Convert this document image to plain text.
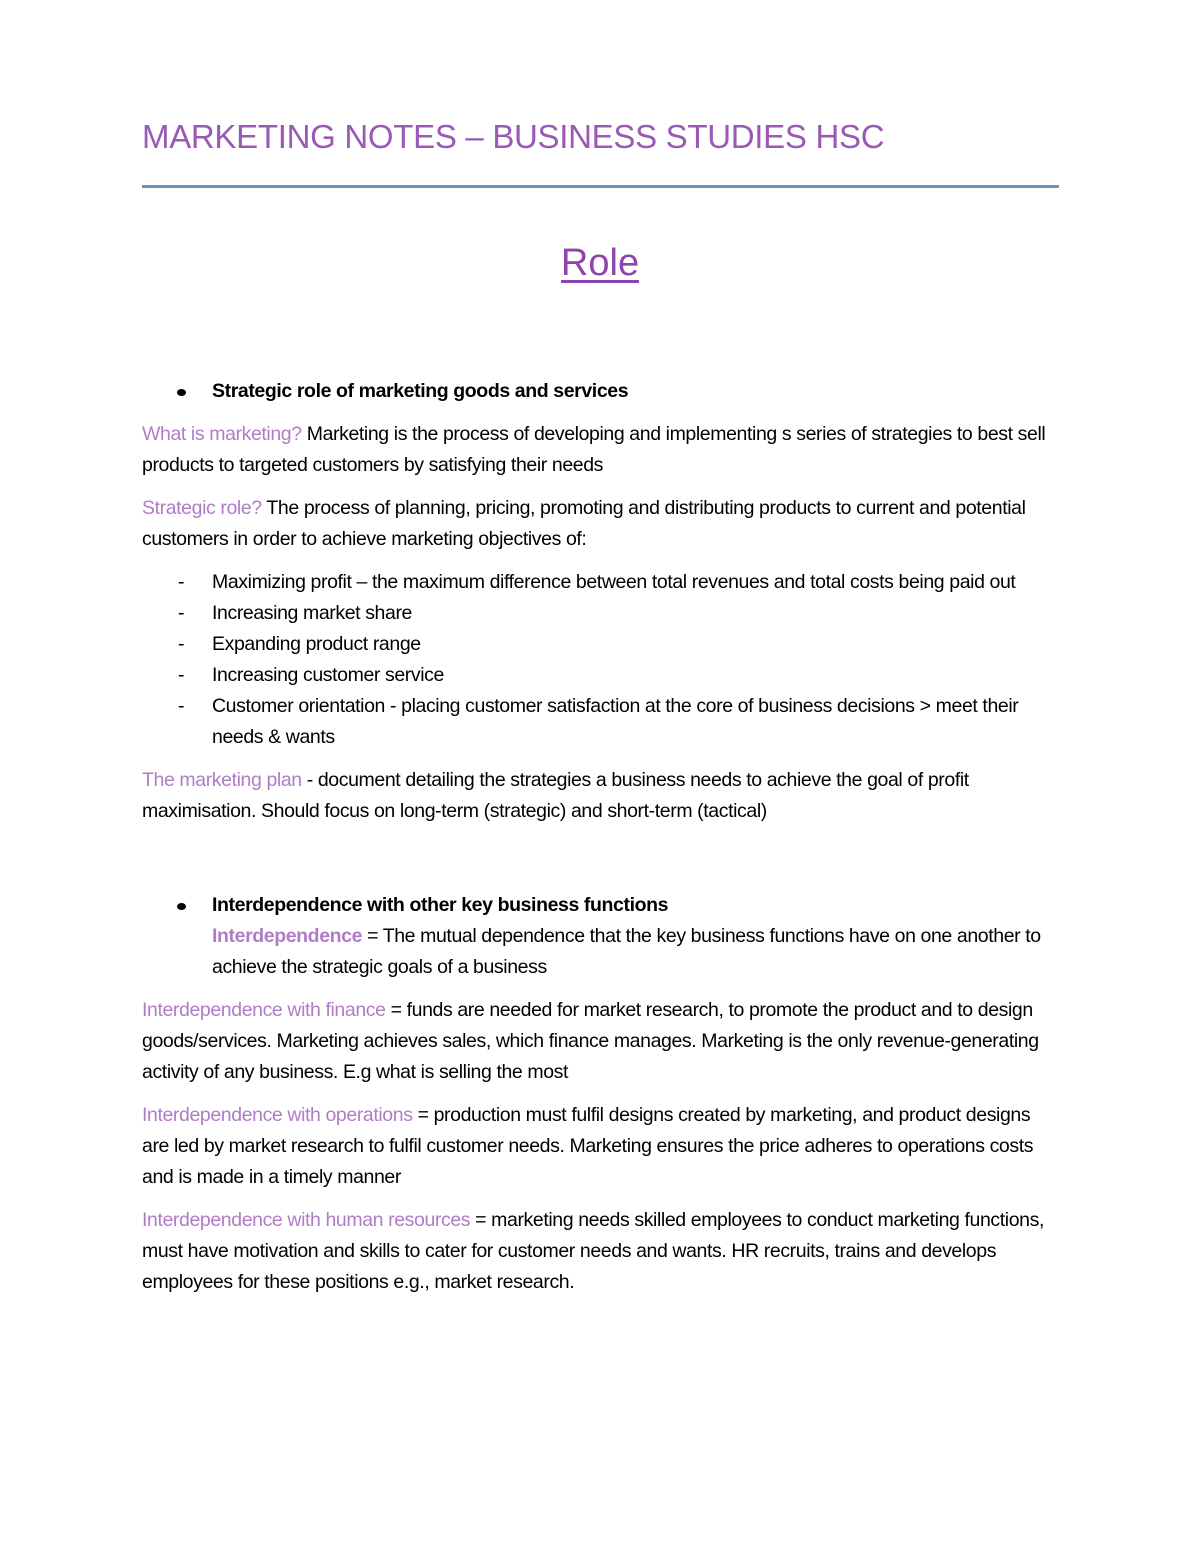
MARKETING NOTES – BUSINESS STUDIES HSC
Role

Strategic role of marketing goods and services

What is marketing? Marketing is the process of developing and implementing s series of strategies to best sell products to targeted customers by satisfying their needs

Strategic role? The process of planning, pricing, promoting and distributing products to current and potential customers in order to achieve marketing objectives of:

- Maximizing profit – the maximum difference between total revenues and total costs being paid out
- Increasing market share
- Expanding product range
- Increasing customer service
- Customer orientation - placing customer satisfaction at the core of business decisions > meet their needs & wants

The marketing plan - document detailing the strategies a business needs to achieve the goal of profit maximisation. Should focus on long-term (strategic) and short-term (tactical)

Interdependence with other key business functions

Interdependence = The mutual dependence that the key business functions have on one another to achieve the strategic goals of a business

Interdependence with finance = funds are needed for market research, to promote the product and to design goods/services. Marketing achieves sales, which finance manages. Marketing is the only revenue-generating activity of any business. E.g what is selling the most

Interdependence with operations = production must fulfil designs created by marketing, and product designs are led by market research to fulfil customer needs. Marketing ensures the price adheres to operations costs and is made in a timely manner

Interdependence with human resources = marketing needs skilled employees to conduct marketing functions, must have motivation and skills to cater for customer needs and wants. HR recruits, trains and develops employees for these positions e.g., market research.
